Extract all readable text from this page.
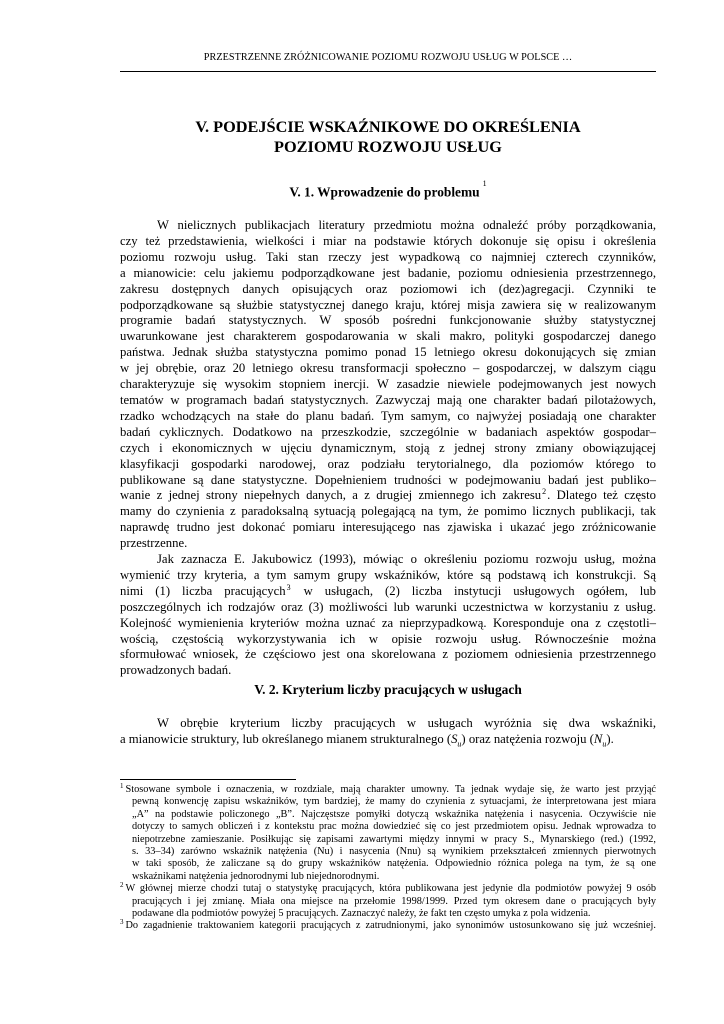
PRZESTRZENNE ZRÓŻNICOWANIE POZIOMU ROZWOJU USŁUG W POLSCE …
V. PODEJŚCIE WSKAŹNIKOWE DO OKREŚLENIA
POZIOMU ROZWOJU USŁUG
V. 1. Wprowadzenie do problemu$^1$
W nielicznych publikacjach literatury przedmiotu można odnaleźć próby porządkowania,
czy też przedstawienia, wielkości i miar na podstawie których dokonuje się opisu i określenia
poziomu rozwoju usług. Taki stan rzeczy jest wypadkową co najmniej czterech czynników,
a mianowicie: celu jakiemu podporządkowane jest badanie, poziomu odniesienia przestrzennego,
zakresu dostępnych danych opisujących oraz poziomowi ich (dez)agregacji. Czynniki te
podporządkowane są służbie statystycznej danego kraju, której misja zawiera się w realizowanym
programie badań statystycznych. W sposób pośredni funkcjonowanie służby statystycznej
uwarunkowane jest charakterem gospodarowania w skali makro, polityki gospodarczej danego
państwa. Jednak służba statystyczna pomimo ponad 15 letniego okresu dokonujących się zmian
w jej obrębie, oraz 20 letniego okresu transformacji społeczno – gospodarczej, w dalszym ciągu
charakteryzuje się wysokim stopniem inercji. W zasadzie niewiele podejmowanych jest nowych
tematów w programach badań statystycznych. Zazwyczaj mają one charakter badań pilotażowych,
rzadko wchodzących na stałe do planu badań. Tym samym, co najwyżej posiadają one charakter
badań cyklicznych. Dodatkowo na przeszkodzie, szczególnie w badaniach aspektów gospodar–
czych i ekonomicznych w ujęciu dynamicznym, stoją z jednej strony zmiany obowiązującej
klasyfikacji gospodarki narodowej, oraz podziału terytorialnego, dla poziomów którego to
publikowane są dane statystyczne. Dopełnieniem trudności w podejmowaniu badań jest publiko–
wanie z jednej strony niepełnych danych, a z drugiej zmiennego ich zakresu$^2$. Dlatego też często
mamy do czynienia z paradoksalną sytuacją polegającą na tym, że pomimo licznych publikacji, tak
naprawdę trudno jest dokonać pomiaru interesującego nas zjawiska i ukazać jego zróżnicowanie
przestrzenne.
Jak zaznacza E. Jakubowicz (1993), mówiąc o określeniu poziomu rozwoju usług, można
wymienić trzy kryteria, a tym samym grupy wskaźników, które są podstawą ich konstrukcji. Są
nimi (1) liczba pracujących$^3$ w usługach, (2) liczba instytucji usługowych ogółem, lub
poszczególnych ich rodzajów oraz (3) możliwości lub warunki uczestnictwa w korzystaniu z usług.
Kolejność wymienienia kryteriów można uznać za nieprzypadkową. Koresponduje ona z częstotli–
wością, częstością wykorzystywania ich w opisie rozwoju usług. Równocześnie można
sformułować wniosek, że częściowo jest ona skorelowana z poziomem odniesienia przestrzennego
prowadzonych badań.
V. 2. Kryterium liczby pracujących w usługach
W obrębie kryterium liczby pracujących w usługach wyróżnia się dwa wskaźniki,
a mianowicie struktury, lub określanego mianem strukturalnego $(S_u)$ oraz natężenia rozwoju $(N_u)$.
$^1$ Stosowane symbole i oznaczenia, w rozdziale, mają charakter umowny. Ta jednak wydaje się, że warto jest przyjąć
pewną konwencję zapisu wskaźników, tym bardziej, że mamy do czynienia z sytuacjami, że interpretowana jest miara
„A” na podstawie policzonego „B”. Najczęstsze pomyłki dotyczą wskaźnika natężenia i nasycenia. Oczywiście nie
dotyczy to samych obliczeń i z kontekstu prac można dowiedzieć się co jest przedmiotem opisu. Jednak wprowadza to
niepotrzebne zamieszanie. Posiłkując się zapisami zawartymi między innymi w pracy S., Mynarskiego (red.) (1992,
s. 33–34) zarówno wskaźnik natężenia (Nu) i nasycenia (Nnu) są wynikiem przekształceń zmiennych pierwotnych
w taki sposób, że zaliczane są do grupy wskaźników natężenia. Odpowiednio różnica polega na tym, że są one
wskaźnikami natężenia jednorodnymi lub niejednorodnymi.
$^2$ W głównej mierze chodzi tutaj o statystykę pracujących, która publikowana jest jedynie dla podmiotów powyżej 9 osób
pracujących i jej zmianę. Miała ona miejsce na przełomie 1998/1999. Przed tym okresem dane o pracujących były
podawane dla podmiotów powyżej 5 pracujących. Zaznaczyć należy, że fakt ten często umyka z pola widzenia.
$^3$ Do zagadnienie traktowaniem kategorii pracujących z zatrudnionymi, jako synonimów ustosunkowano się już wcześniej.
